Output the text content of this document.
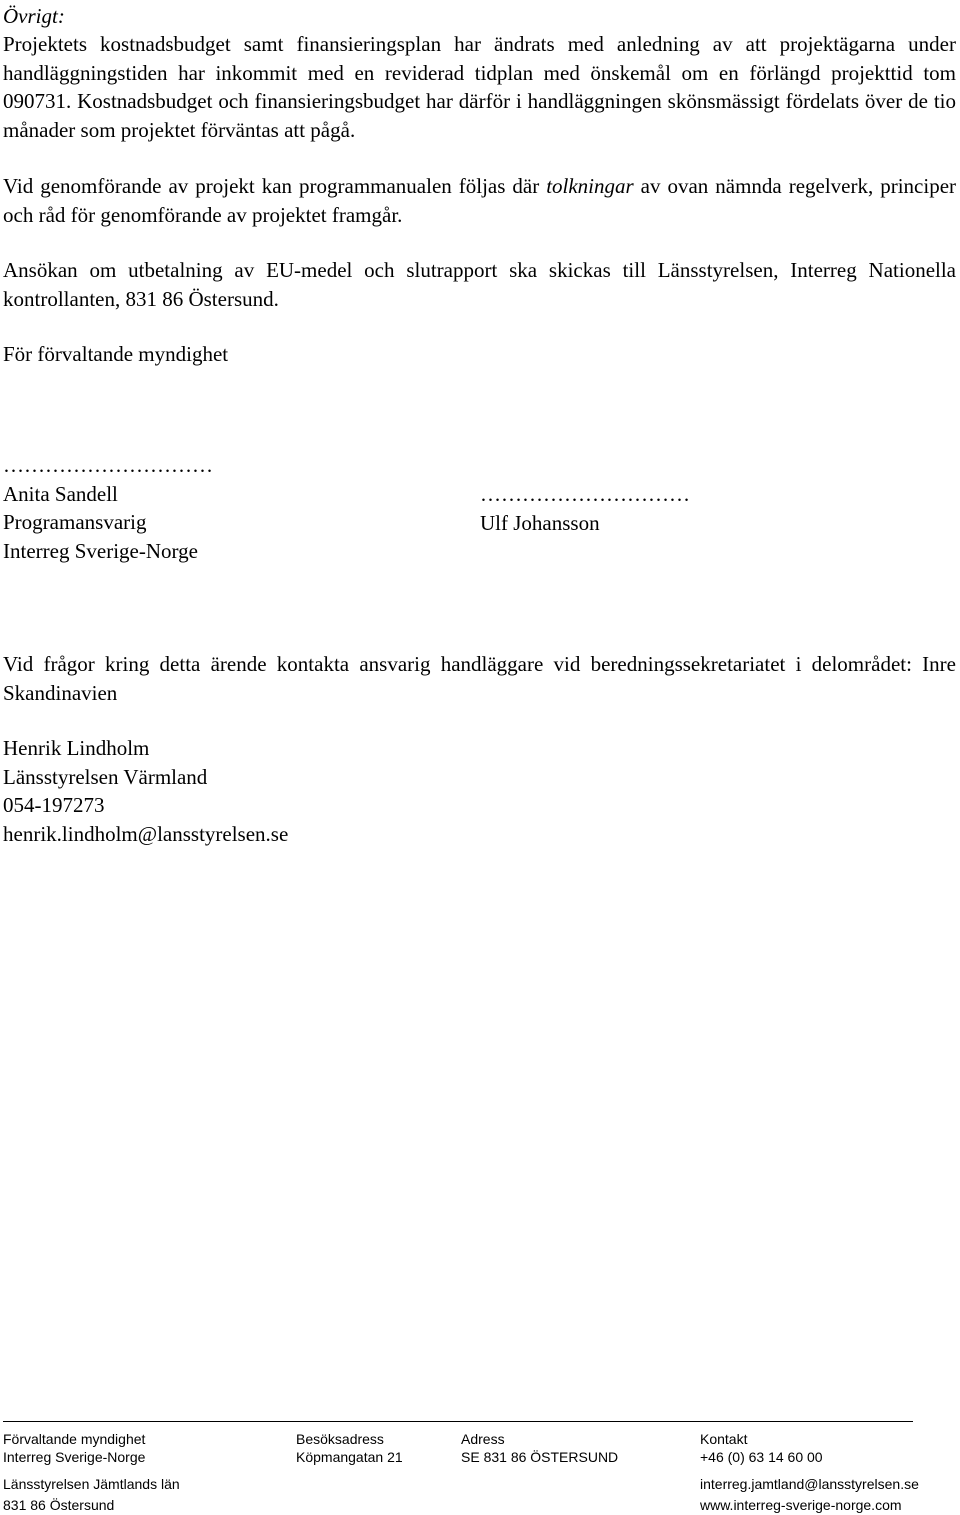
Övrigt:

Projektets kostnadsbudget samt finansieringsplan har ändrats med anledning av att projektägarna under handläggningstiden har inkommit med en reviderad tidplan med önskemål om en förlängd projekttid tom 090731. Kostnadsbudget och finansieringsbudget har därför i handläggningen skönsmässigt fördelats över de tio månader som projektet förväntas att pågå.

Vid genomförande av projekt kan programmanualen följas där tolkningar av ovan nämnda regelverk, principer och råd för genomförande av projektet framgår.

Ansökan om utbetalning av EU-medel och slutrapport ska skickas till Länsstyrelsen, Interreg Nationella kontrollanten, 831 86 Östersund.

För förvaltande myndighet

…………………………
Anita Sandell
Programansvarig
Interreg Sverige-Norge
…………………………
Ulf Johansson

Vid frågor kring detta ärende kontakta ansvarig handläggare vid beredningssekretariatet i delområdet: Inre Skandinavien

Henrik Lindholm
Länsstyrelsen Värmland
054-197273
henrik.lindholm@lansstyrelsen.se
Förvaltande myndighet
Interreg Sverige-Norge
Länsstyrelsen Jämtlands län
831 86 Östersund
Besöksadress
Köpmangatan 21
Adress
SE 831 86 ÖSTERSUND
Kontakt
+46 (0) 63 14 60 00
interreg.jamtland@lansstyrelsen.se
www.interreg-sverige-norge.com
